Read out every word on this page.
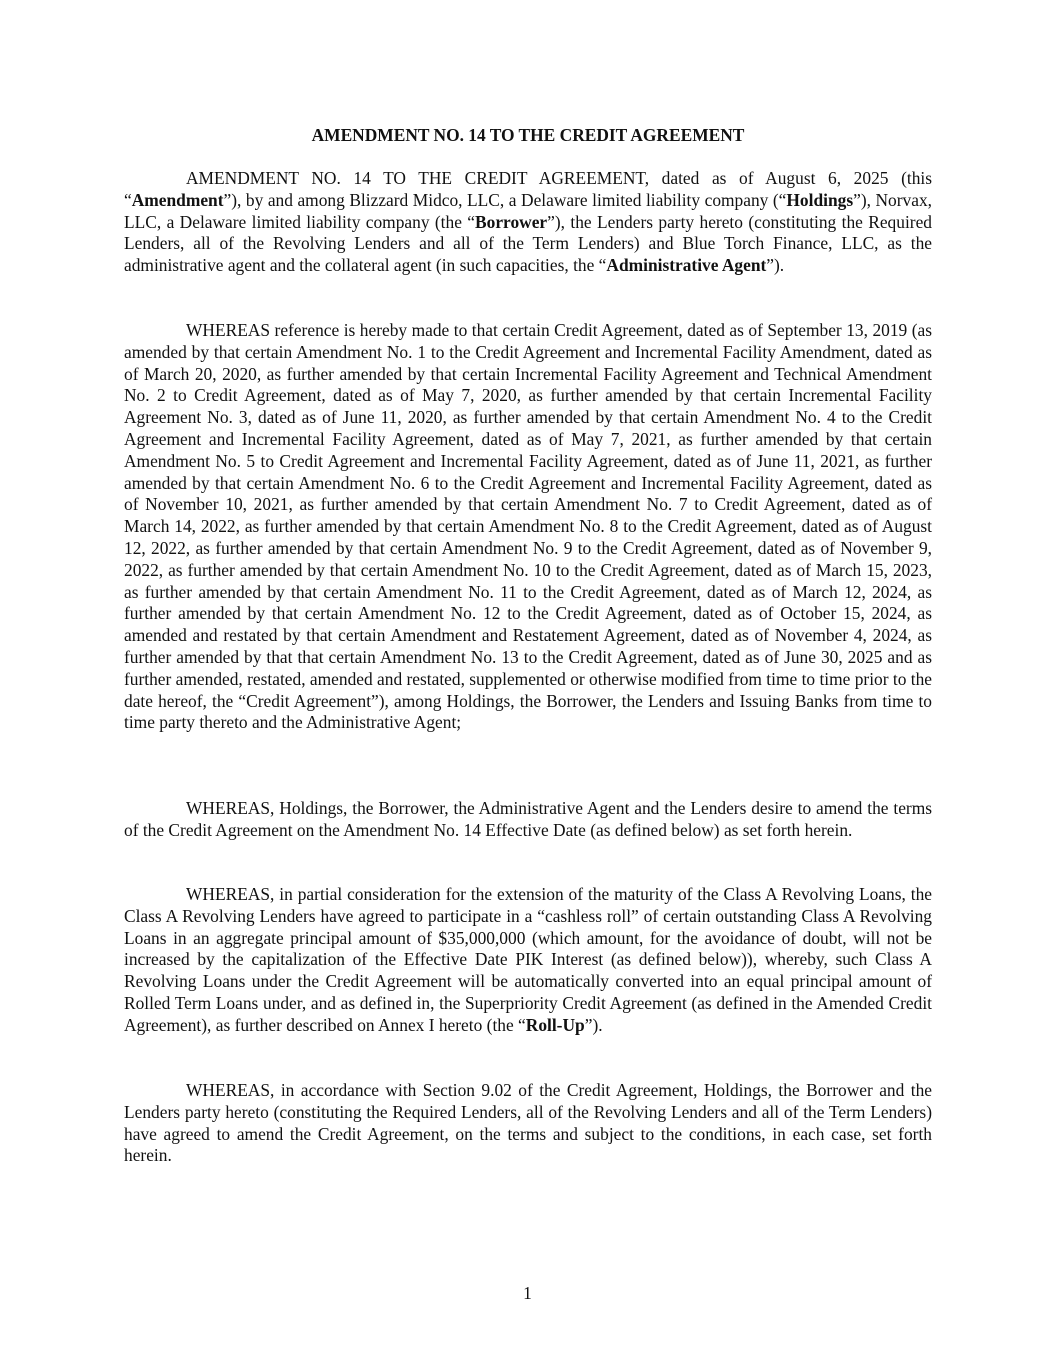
AMENDMENT NO. 14 TO THE CREDIT AGREEMENT

AMENDMENT NO. 14 TO THE CREDIT AGREEMENT, dated as of August 6, 2025 (this “Amendment”), by and among Blizzard Midco, LLC, a Delaware limited liability company (“Holdings”), Norvax, LLC, a Delaware limited liability company (the “Borrower”), the Lenders party hereto (constituting the Required Lenders, all of the Revolving Lenders and all of the Term Lenders) and Blue Torch Finance, LLC, as the administrative agent and the collateral agent (in such capacities, the “Administrative Agent”).

WHEREAS reference is hereby made to that certain Credit Agreement, dated as of September 13, 2019 (as amended by that certain Amendment No. 1 to the Credit Agreement and Incremental Facility Amendment, dated as of March 20, 2020, as further amended by that certain Incremental Facility Agreement and Technical Amendment No. 2 to Credit Agreement, dated as of May 7, 2020, as further amended by that certain Incremental Facility Agreement No. 3, dated as of June 11, 2020, as further amended by that certain Amendment No. 4 to the Credit Agreement and Incremental Facility Agreement, dated as of May 7, 2021, as further amended by that certain Amendment No. 5 to Credit Agreement and Incremental Facility Agreement, dated as of June 11, 2021, as further amended by that certain Amendment No. 6 to the Credit Agreement and Incremental Facility Agreement, dated as of November 10, 2021, as further amended by that certain Amendment No. 7 to Credit Agreement, dated as of March 14, 2022, as further amended by that certain Amendment No. 8 to the Credit Agreement, dated as of August 12, 2022, as further amended by that certain Amendment No. 9 to the Credit Agreement, dated as of November 9, 2022, as further amended by that certain Amendment No. 10 to the Credit Agreement, dated as of March 15, 2023, as further amended by that certain Amendment No. 11 to the Credit Agreement, dated as of March 12, 2024, as further amended by that certain Amendment No. 12 to the Credit Agreement, dated as of October 15, 2024, as amended and restated by that certain Amendment and Restatement Agreement, dated as of November 4, 2024, as further amended by that that certain Amendment No. 13 to the Credit Agreement, dated as of June 30, 2025 and as further amended, restated, amended and restated, supplemented or otherwise modified from time to time prior to the date hereof, the “Credit Agreement”), among Holdings, the Borrower, the Lenders and Issuing Banks from time to time party thereto and the Administrative Agent;

WHEREAS, Holdings, the Borrower, the Administrative Agent and the Lenders desire to amend the terms of the Credit Agreement on the Amendment No. 14 Effective Date (as defined below) as set forth herein.

WHEREAS, in partial consideration for the extension of the maturity of the Class A Revolving Loans, the Class A Revolving Lenders have agreed to participate in a “cashless roll” of certain outstanding Class A Revolving Loans in an aggregate principal amount of $35,000,000 (which amount, for the avoidance of doubt, will not be increased by the capitalization of the Effective Date PIK Interest (as defined below)), whereby, such Class A Revolving Loans under the Credit Agreement will be automatically converted into an equal principal amount of Rolled Term Loans under, and as defined in, the Superpriority Credit Agreement (as defined in the Amended Credit Agreement), as further described on Annex I hereto (the “Roll-Up”).

WHEREAS, in accordance with Section 9.02 of the Credit Agreement, Holdings, the Borrower and the Lenders party hereto (constituting the Required Lenders, all of the Revolving Lenders and all of the Term Lenders) have agreed to amend the Credit Agreement, on the terms and subject to the conditions, in each case, set forth herein.

1
